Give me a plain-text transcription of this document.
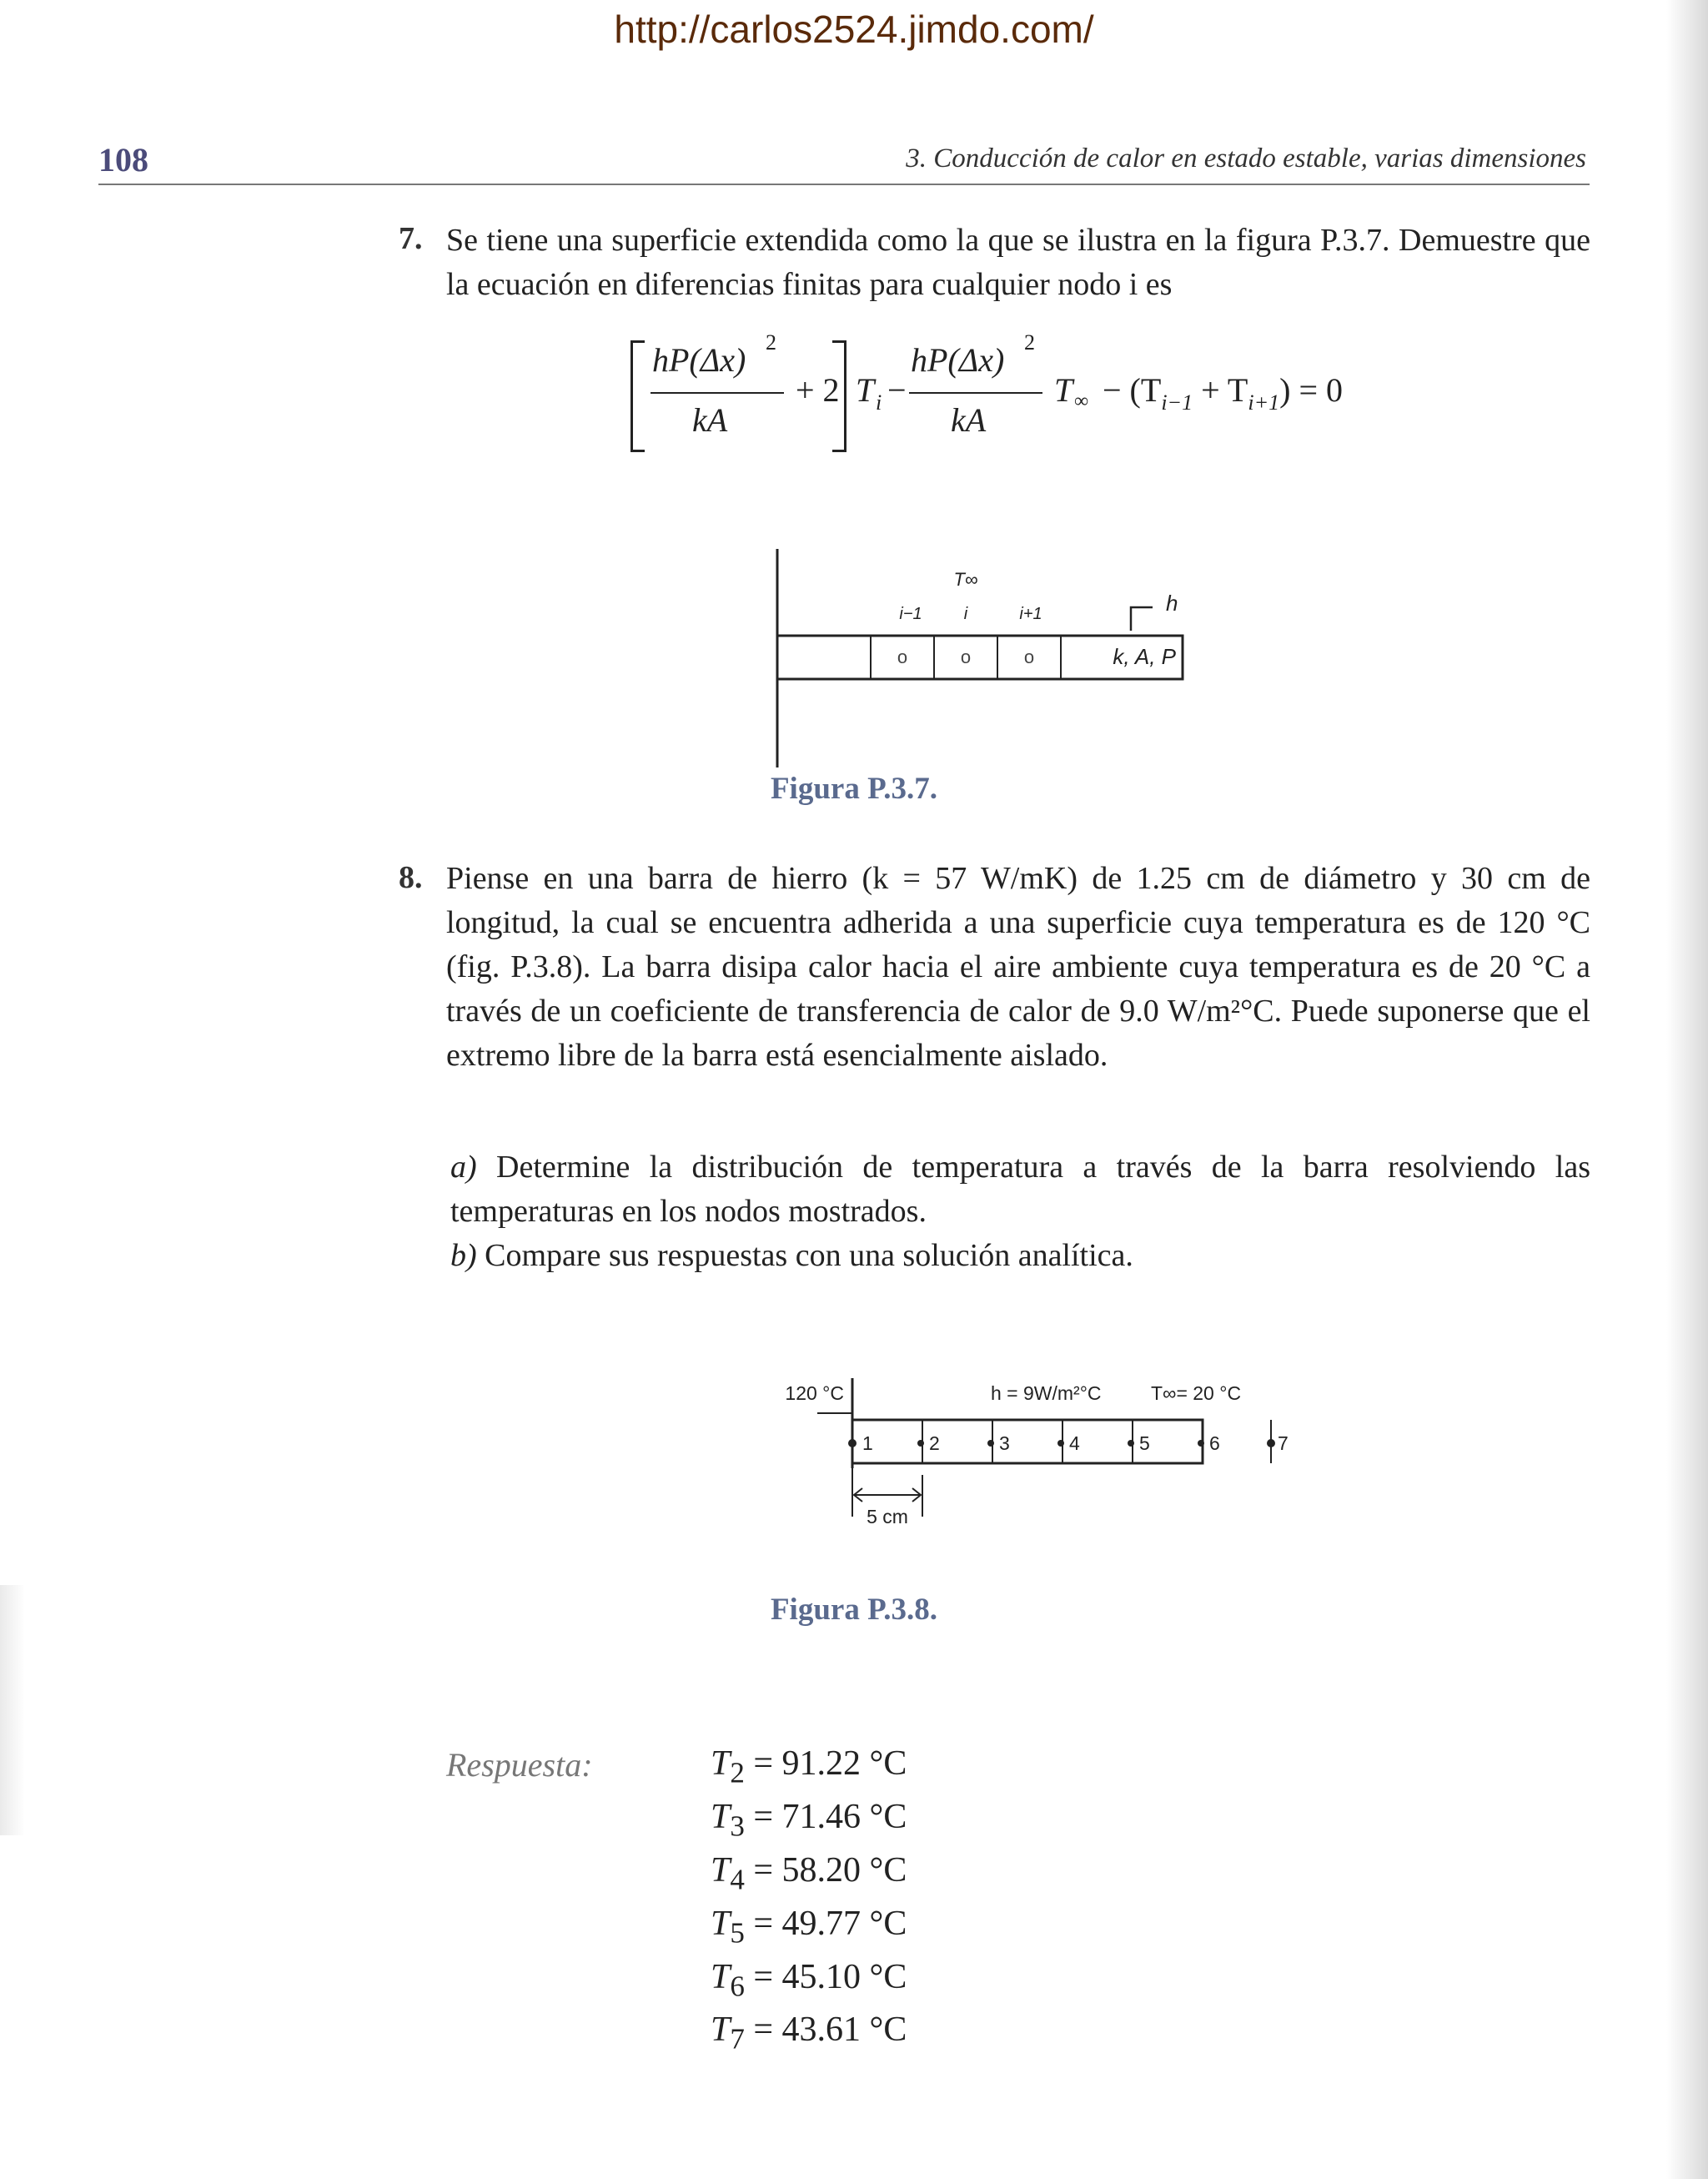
http://carlos2524.jimdo.com/
108	3. Conducción de calor en estado estable, varias dimensiones
7. Se tiene una superficie extendida como la que se ilustra en la figura P.3.7. Demuestre que la ecuación en diferencias finitas para cualquier nodo i es
hP(Δx) 2
kA
+ 2 T i −
hP(Δx) 2
kA
T ∞ − $(T_{i-1} + T_{i+1}) = 0$
o	o	o
T∞
i−1	i	i+1	h
k, A, P
Figura P.3.7.
8. Piense en una barra de hierro (k = 57 W/mK) de 1.25 cm de diámetro y 30 cm de longitud, la cual se encuentra adherida a una superficie cuya temperatura es de 120 °C (fig. P.3.8). La barra disipa calor hacia el aire ambiente cuya temperatura es de 20 °C a través de un coeficiente de transferencia de calor de 9.0 W/m²°C. Puede suponerse que el extremo libre de la barra está esencialmente aislado.
a) Determine la distribución de temperatura a través de la barra resolviendo las temperaturas en los nodos mostrados.
b) Compare sus respuestas con una solución analítica.
120 °C	h = 9W/m²°C	T∞= 20 °C
1	2	3	4	5	6	7
5 cm
Figura P.3.8.
Respuesta:	$T_2 = 91.22$ °C
$T_3 = 71.46$ °C
$T_4 = 58.20$ °C
$T_5 = 49.77$ °C
$T_6 = 45.10$ °C
$T_7 = 43.61$ °C
